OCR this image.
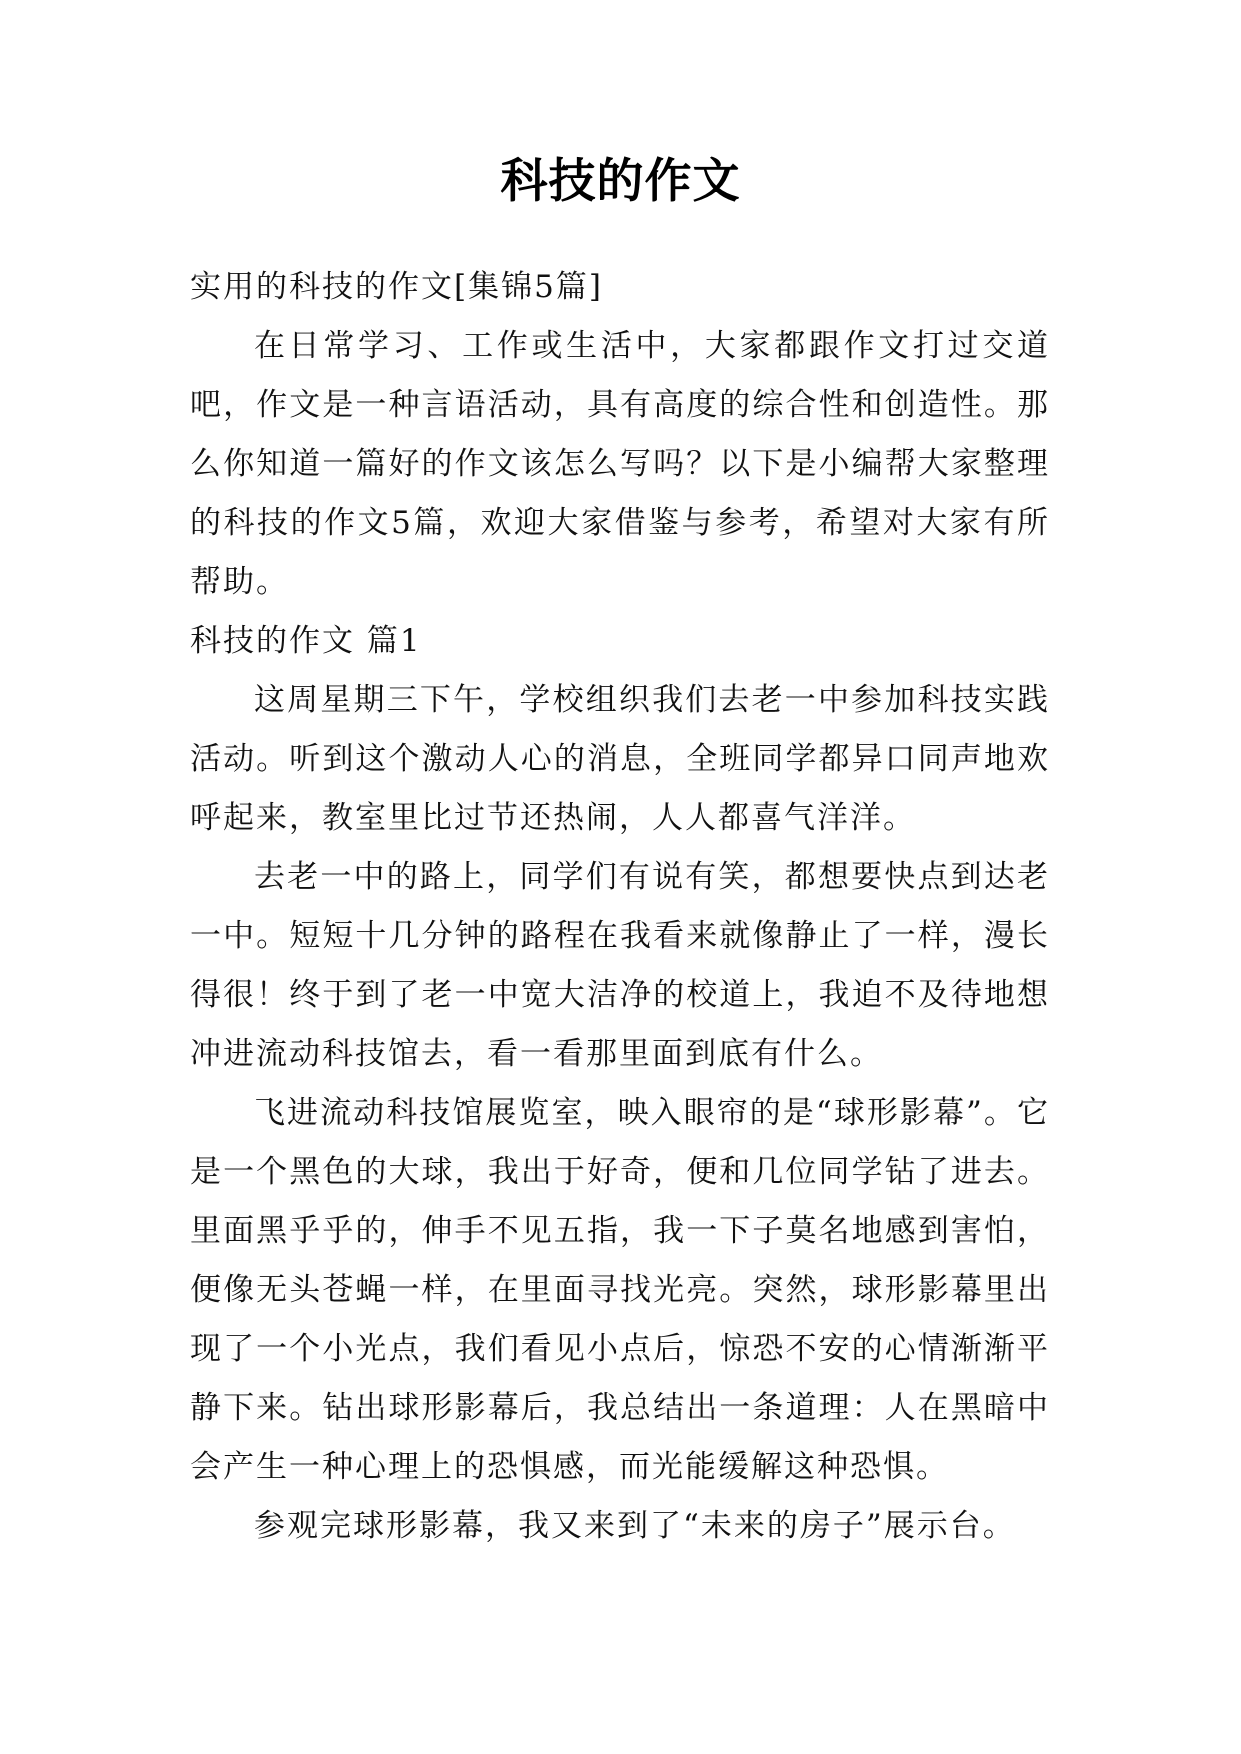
科技的作文

实用的科技的作文[集锦5篇]

在日常学习、工作或生活中，大家都跟作文打过交道吧，作文是一种言语活动，具有高度的综合性和创造性。那么你知道一篇好的作文该怎么写吗？以下是小编帮大家整理的科技的作文5篇，欢迎大家借鉴与参考，希望对大家有所帮助。

科技的作文 篇1

这周星期三下午，学校组织我们去老一中参加科技实践活动。听到这个激动人心的消息，全班同学都异口同声地欢呼起来，教室里比过节还热闹，人人都喜气洋洋。

去老一中的路上，同学们有说有笑，都想要快点到达老一中。短短十几分钟的路程在我看来就像静止了一样，漫长得很！终于到了老一中宽大洁净的校道上，我迫不及待地想冲进流动科技馆去，看一看那里面到底有什么。

飞进流动科技馆展览室，映入眼帘的是“球形影幕”。它是一个黑色的大球，我出于好奇，便和几位同学钻了进去。里面黑乎乎的，伸手不见五指，我一下子莫名地感到害怕，便像无头苍蝇一样，在里面寻找光亮。突然，球形影幕里出现了一个小光点，我们看见小点后，惊恐不安的心情渐渐平静下来。钻出球形影幕后，我总结出一条道理：人在黑暗中会产生一种心理上的恐惧感，而光能缓解这种恐惧。

参观完球形影幕，我又来到了“未来的房子”展示台。
